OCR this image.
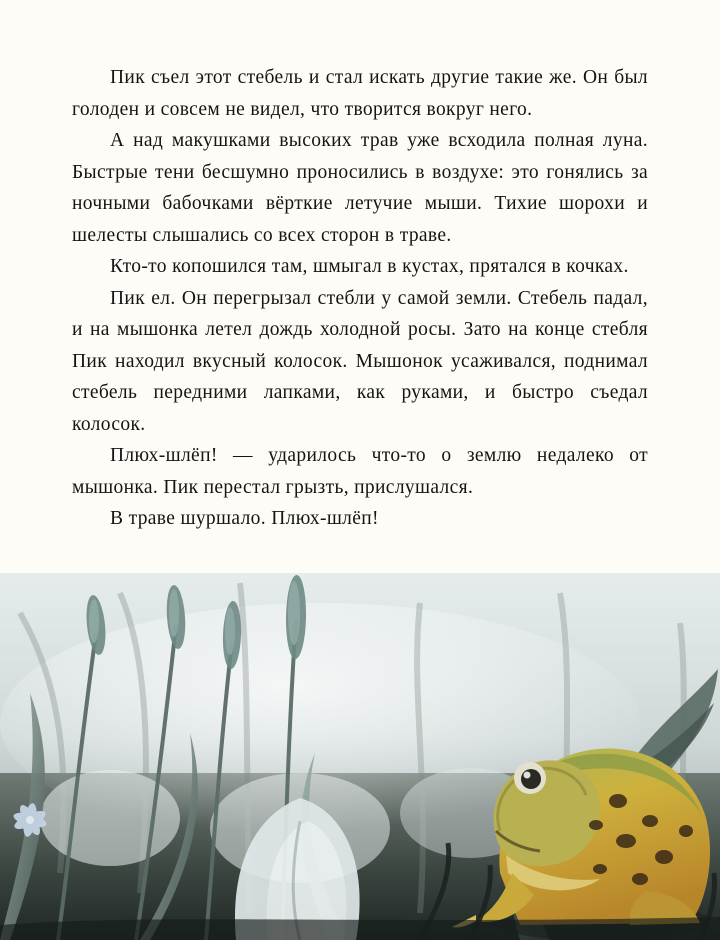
Пик съел этот стебель и стал искать другие такие же. Он был голоден и совсем не видел, что творится вокруг него.

А над макушками высоких трав уже всходила полная луна. Быстрые тени бесшумно проносились в воздухе: это гонялись за ночными бабочками вёрткие летучие мыши. Тихие шорохи и шелесты слышались со всех сторон в траве.

Кто-то копошился там, шмыгал в кустах, прятался в кочках.

Пик ел. Он перегрызал стебли у самой земли. Стебель падал, и на мышонка летел дождь холодной росы. Зато на конце стебля Пик находил вкусный колосок. Мышонок усаживался, поднимал стебель передними лапками, как руками, и быстро съедал колосок.

Плюх-шлёп! — ударилось что-то о землю недалеко от мышонка. Пик перестал грызть, прислушался.

В траве шуршало. Плюх-шлёп!
